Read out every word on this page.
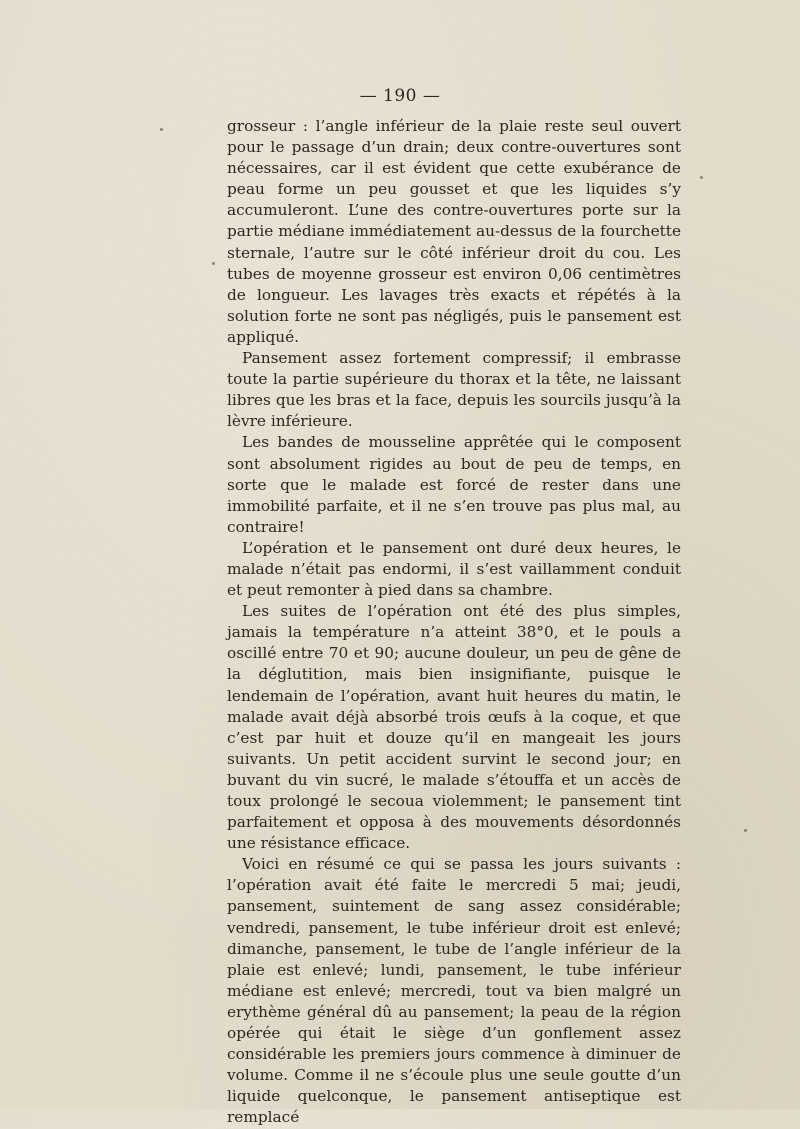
— 190 —

grosseur : l’angle inférieur de la plaie reste seul ouvert pour le passage d’un drain; deux contre-ouvertures sont nécessaires, car il est évident que cette exubérance de peau forme un peu gousset et que les liquides s’y accumuleront. L’une des contre-ouvertures porte sur la partie médiane immédiatement au-dessus de la fourchette sternale, l’autre sur le côté inférieur droit du cou. Les tubes de moyenne grosseur est environ 0,06 centimètres de longueur. Les lavages très exacts et répétés à la solution forte ne sont pas négligés, puis le pansement est appliqué.

Pansement assez fortement compressif; il embrasse toute la partie supérieure du thorax et la tête, ne laissant libres que les bras et la face, depuis les sourcils jusqu’à la lèvre inférieure.

Les bandes de mousseline apprêtée qui le composent sont absolument rigides au bout de peu de temps, en sorte que le malade est forcé de rester dans une immobilité parfaite, et il ne s’en trouve pas plus mal, au contraire!

L’opération et le pansement ont duré deux heures, le malade n’était pas endormi, il s’est vaillamment conduit et peut remonter à pied dans sa chambre.

Les suites de l’opération ont été des plus simples, jamais la température n’a atteint 38°0, et le pouls a oscillé entre 70 et 90; aucune douleur, un peu de gêne de la déglutition, mais bien insignifiante, puisque le lendemain de l’opération, avant huit heures du matin, le malade avait déjà absorbé trois œufs à la coque, et que c’est par huit et douze qu’il en mangeait les jours suivants. Un petit accident survint le second jour; en buvant du vin sucré, le malade s’étouffa et un accès de toux prolongé le secoua violemment; le pansement tint parfaitement et opposa à des mouvements désordonnés une résistance efficace.

Voici en résumé ce qui se passa les jours suivants : l’opération avait été faite le mercredi 5 mai; jeudi, pansement, suintement de sang assez considérable; vendredi, pansement, le tube inférieur droit est enlevé; dimanche, pansement, le tube de l’angle inférieur de la plaie est enlevé; lundi, pansement, le tube inférieur médiane est enlevé; mercredi, tout va bien malgré un erythème général dû au pansement; la peau de la région opérée qui était le siège d’un gonflement assez considérable les premiers jours commence à diminuer de volume. Comme il ne s’écoule plus une seule goutte d’un liquide quelconque, le pansement antiseptique est remplacé
